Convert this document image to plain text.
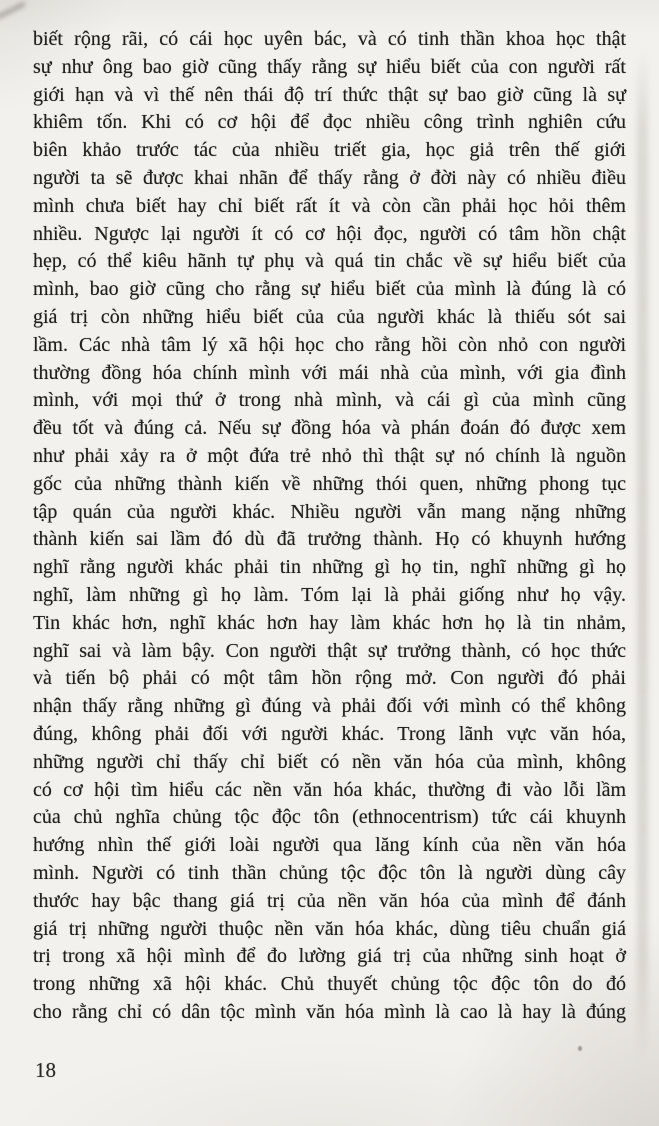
biết rộng rãi, có cái học uyên bác, và có tinh thần khoa học thật
sự như ông bao giờ cũng thấy rằng sự hiểu biết của con người rất
giới hạn và vì thế nên thái độ trí thức thật sự bao giờ cũng là sự
khiêm tốn. Khi có cơ hội để đọc nhiều công trình nghiên cứu
biên khảo trước tác của nhiều triết gia, học giả trên thế giới
người ta sẽ được khai nhãn để thấy rằng ở đời này có nhiều điều
mình chưa biết hay chỉ biết rất ít và còn cần phải học hỏi thêm
nhiều. Ngược lại người ít có cơ hội đọc, người có tâm hồn chật
hẹp, có thể kiêu hãnh tự phụ và quá tin chắc về sự hiểu biết của
mình, bao giờ cũng cho rằng sự hiểu biết của mình là đúng là có
giá trị còn những hiểu biết của của người khác là thiếu sót sai
lầm. Các nhà tâm lý xã hội học cho rằng hồi còn nhỏ con người
thường đồng hóa chính mình với mái nhà của mình, với gia đình
mình, với mọi thứ ở trong nhà mình, và cái gì của mình cũng
đều tốt và đúng cả. Nếu sự đồng hóa và phán đoán đó được xem
như phải xảy ra ở một đứa trẻ nhỏ thì thật sự nó chính là nguồn
gốc của những thành kiến về những thói quen, những phong tục
tập quán của người khác. Nhiều người vẫn mang nặng những
thành kiến sai lầm đó dù đã trưởng thành. Họ có khuynh hướng
nghĩ rằng người khác phải tin những gì họ tin, nghĩ những gì họ
nghĩ, làm những gì họ làm. Tóm lại là phải giống như họ vậy.
Tin khác hơn, nghĩ khác hơn hay làm khác hơn họ là tin nhảm,
nghĩ sai và làm bậy. Con người thật sự trưởng thành, có học thức
và tiến bộ phải có một tâm hồn rộng mở. Con người đó phải
nhận thấy rằng những gì đúng và phải đối với mình có thể không
đúng, không phải đối với người khác. Trong lãnh vực văn hóa,
những người chỉ thấy chỉ biết có nền văn hóa của mình, không
có cơ hội tìm hiểu các nền văn hóa khác, thường đi vào lỗi lầm
của chủ nghĩa chủng tộc độc tôn (ethnocentrism) tức cái khuynh
hướng nhìn thế giới loài người qua lăng kính của nền văn hóa
mình. Người có tinh thần chủng tộc độc tôn là người dùng cây
thước hay bậc thang giá trị của nền văn hóa của mình để đánh
giá trị những người thuộc nền văn hóa khác, dùng tiêu chuẩn giá
trị trong xã hội mình để đo lường giá trị của những sinh hoạt ở
trong những xã hội khác. Chủ thuyết chủng tộc độc tôn do đó
cho rằng chỉ có dân tộc mình văn hóa mình là cao là hay là đúng
18
